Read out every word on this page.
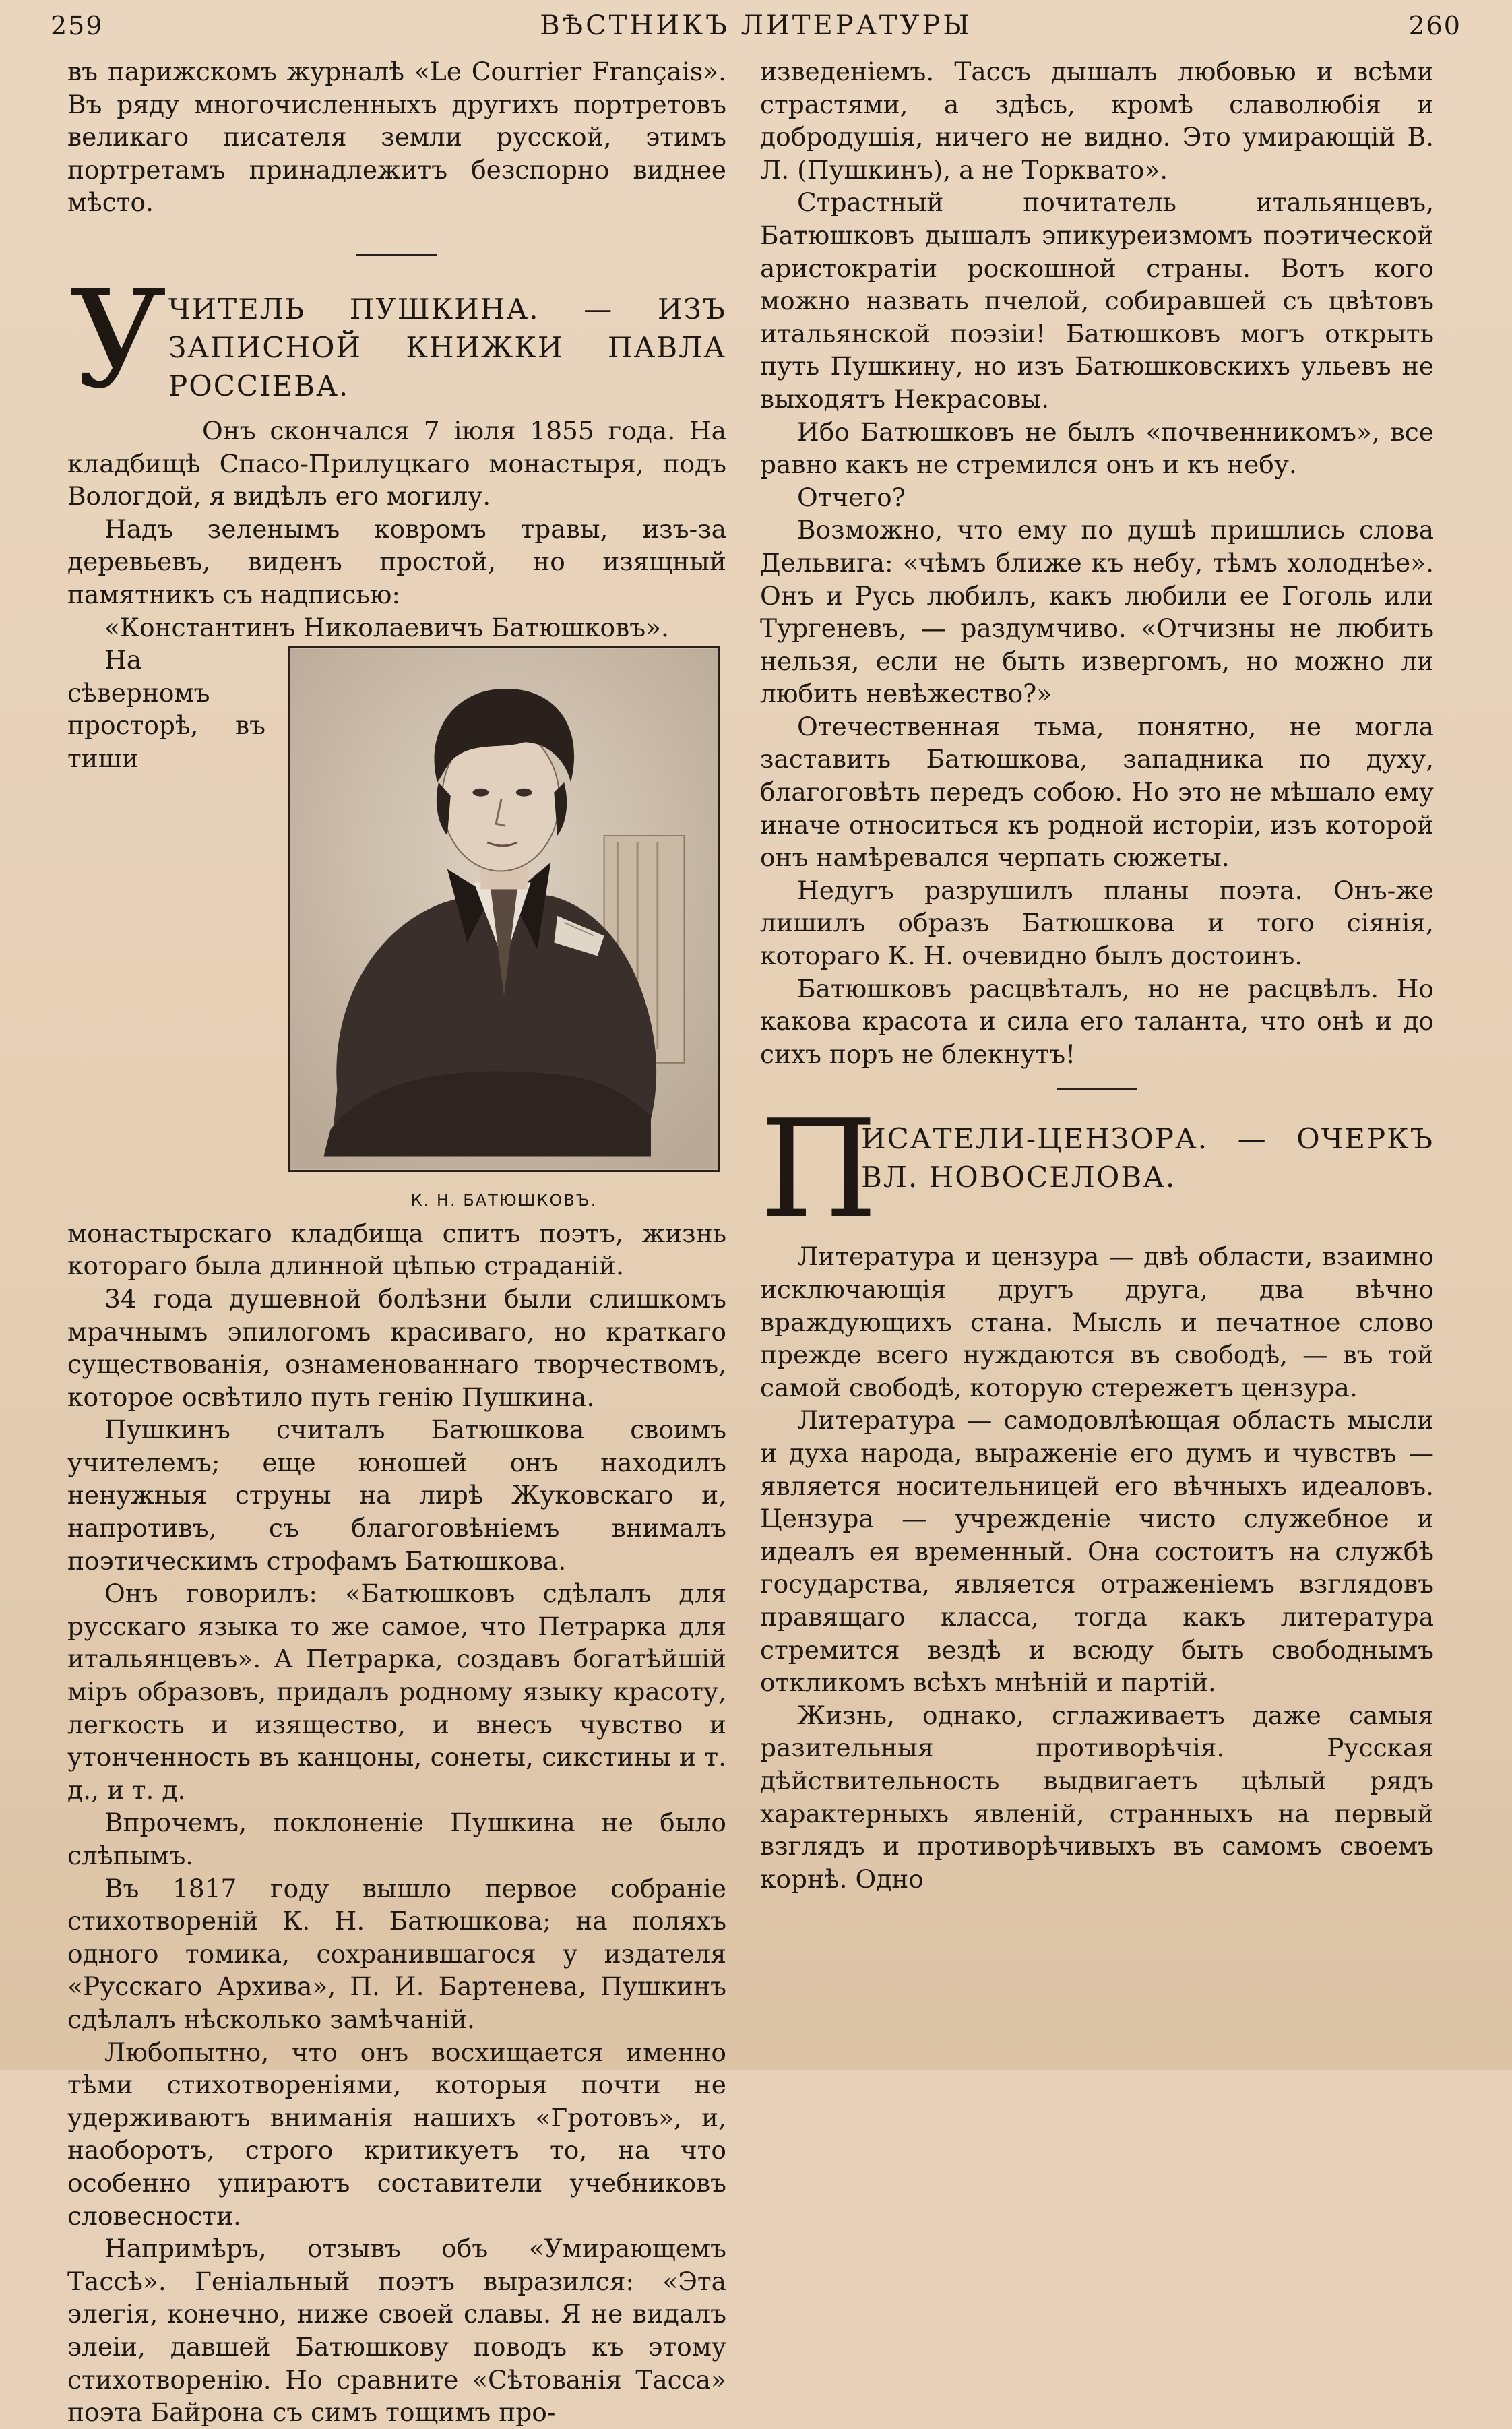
259	ВѢСТНИКЪ ЛИТЕРАТУРЫ	260

въ парижскомъ журналѣ «Le Courrier Français». Въ ряду многочисленныхъ другихъ портретовъ великаго писателя земли русской, этимъ портретамъ принадлежитъ безспорно виднее мѣсто.

У ЧИТЕЛЬ ПУШКИНА. — ИЗЪ ЗАПИСНОЙ КНИЖКИ ПАВЛА РОССІЕВА.

Онъ скончался 7 іюля 1855 года. На кладбищѣ Спасо-Прилуцкаго монастыря, подъ Вологдой, я видѣлъ его могилу.

Надъ зеленымъ ковромъ травы, изъ-за деревьевъ, виденъ простой, но изящный памятникъ съ надписью:

«Константинъ Николаевичъ Батюшковъ».

К. Н. БАТЮШКОВЪ.

На сѣверномъ просторѣ, въ тиши монастырскаго кладбища спитъ поэтъ, жизнь котораго была длинной цѣпью страданій.

34 года душевной болѣзни были слишкомъ мрачнымъ эпилогомъ красиваго, но краткаго существованія, ознаменованнаго творчествомъ, которое освѣтило путь генію Пушкина.

Пушкинъ считалъ Батюшкова своимъ учителемъ; еще юношей онъ находилъ ненужныя струны на лирѣ Жуковскаго и, напротивъ, съ благоговѣніемъ внималъ поэтическимъ строфамъ Батюшкова.

Онъ говорилъ: «Батюшковъ сдѣлалъ для русскаго языка то же самое, что Петрарка для итальянцевъ». А Петрарка, создавъ богатѣйшій міръ образовъ, придалъ родному языку красоту, легкость и изящество, и внесъ чувство и утонченность въ канцоны, сонеты, сикстины и т. д., и т. д.

Впрочемъ, поклоненіе Пушкина не было слѣпымъ.

Въ 1817 году вышло первое собраніе стихотвореній К. Н. Батюшкова; на поляхъ одного томика, сохранившагося у издателя «Русскаго Архива», П. И. Бартенева, Пушкинъ сдѣлалъ нѣсколько замѣчаній.

Любопытно, что онъ восхищается именно тѣми стихотвореніями, которыя почти не удерживаютъ вниманія нашихъ «Гротовъ», и, наоборотъ, строго критикуетъ то, на что особенно упираютъ составители учебниковъ словесности.

Напримѣръ, отзывъ объ «Умирающемъ Тассѣ». Геніальный поэтъ выразился: «Эта элегія, конечно, ниже своей славы. Я не видалъ элеіи, давшей Батюшкову поводъ къ этому стихотворенію. Но сравните «Сѣтованія Тасса» поэта Байрона съ симъ тощимъ про-

изведеніемъ. Тассъ дышалъ любовью и всѣми страстями, а здѣсь, кромѣ славолюбія и добродушія, ничего не видно. Это умирающій В. Л. (Пушкинъ), а не Торквато».

Страстный почитатель итальянцевъ, Батюшковъ дышалъ эпикуреизмомъ поэтической аристократіи роскошной страны. Вотъ кого можно назвать пчелой, собиравшей съ цвѣтовъ итальянской поэзіи! Батюшковъ могъ открыть путь Пушкину, но изъ Батюшковскихъ ульевъ не выходятъ Некрасовы.

Ибо Батюшковъ не былъ «почвенникомъ», все равно какъ не стремился онъ и къ небу.

Отчего?

Возможно, что ему по душѣ пришлись слова Дельвига: «чѣмъ ближе къ небу, тѣмъ холоднѣе». Онъ и Русь любилъ, какъ любили ее Гоголь или Тургеневъ, — раздумчиво. «Отчизны не любить нельзя, если не быть извергомъ, но можно ли любить невѣжество?»

Отечественная тьма, понятно, не могла заставить Батюшкова, западника по духу, благоговѣть передъ собою. Но это не мѣшало ему иначе относиться къ родной исторіи, изъ которой онъ намѣревался черпать сюжеты.

Недугъ разрушилъ планы поэта. Онъ-же лишилъ образъ Батюшкова и того сіянія, котораго К. Н. очевидно былъ достоинъ.

Батюшковъ расцвѣталъ, но не расцвѣлъ. Но какова красота и сила его таланта, что онѣ и до сихъ поръ не блекнутъ!

П
ИСАТЕЛИ-ЦЕНЗОРА. — ОЧЕРКЪ ВЛ. НОВОСЕЛОВА.

Литература и цензура — двѣ области, взаимно исключающія другъ друга, два вѣчно враждующихъ стана. Мысль и печатное слово прежде всего нуждаются въ свободѣ, — въ той самой свободѣ, которую стережетъ цензура.

Литература — самодовлѣющая область мысли и духа народа, выраженіе его думъ и чувствъ — является носительницей его вѣчныхъ идеаловъ. Цензура — учрежденіе чисто служебное и идеалъ ея временный. Она состоитъ на службѣ государства, является отраженіемъ взглядовъ правящаго класса, тогда какъ литература стремится вездѣ и всюду быть свободнымъ откликомъ всѣхъ мнѣній и партій.

Жизнь, однако, сглаживаетъ даже самыя разительныя противорѣчія. Русская дѣйствительность выдвигаетъ цѣлый рядъ характерныхъ явленій, странныхъ на первый взглядъ и противорѣчивыхъ въ самомъ своемъ корнѣ. Одно
